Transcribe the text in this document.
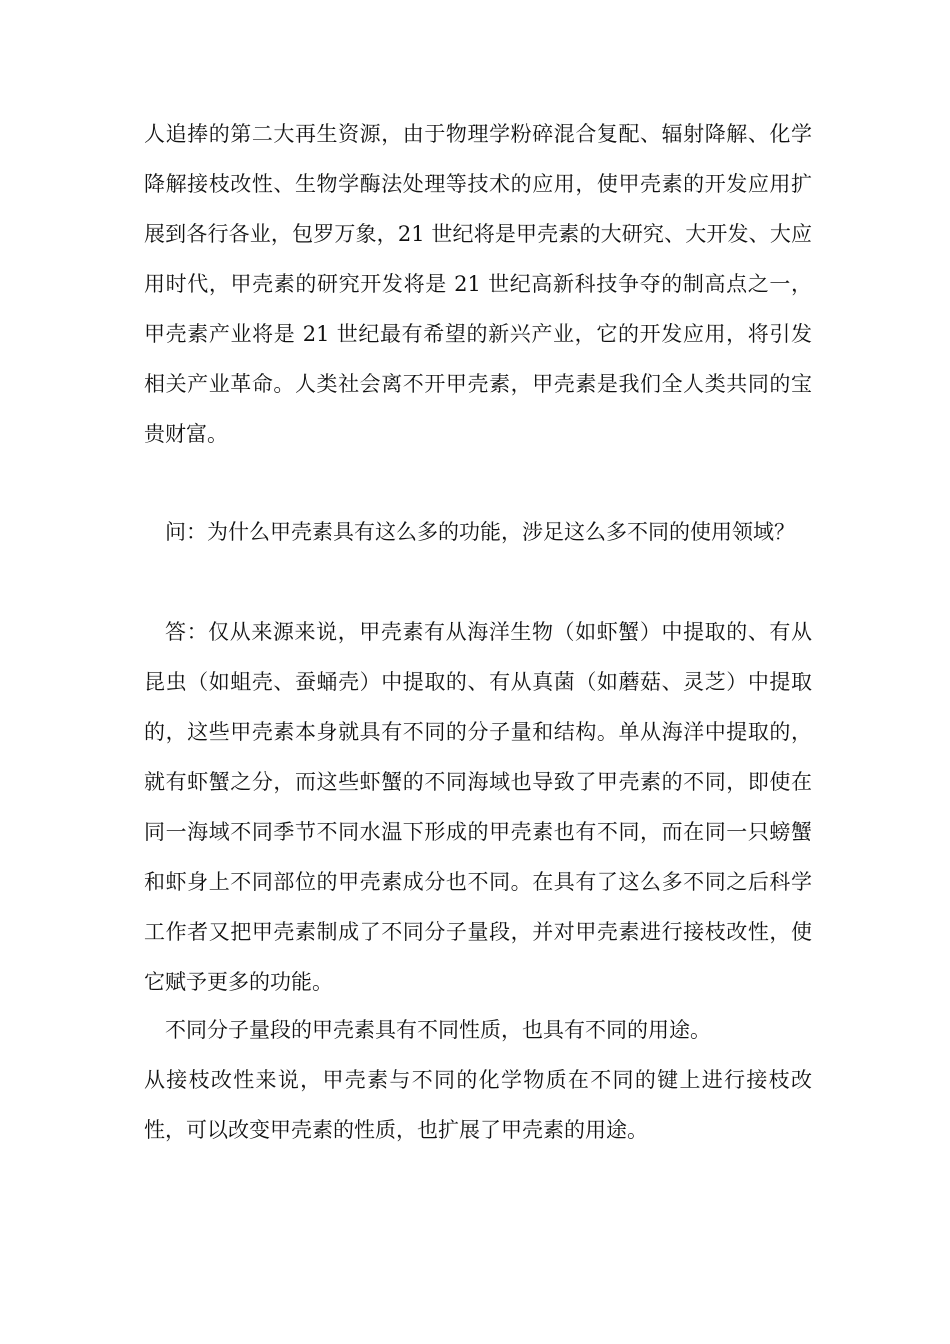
人追捧的第二大再生资源，由于物理学粉碎混合复配、辐射降解、化学降解接枝改性、生物学酶法处理等技术的应用，使甲壳素的开发应用扩展到各行各业，包罗万象，21 世纪将是甲壳素的大研究、大开发、大应用时代，甲壳素的研究开发将是 21 世纪高新科技争夺的制高点之一，甲壳素产业将是 21 世纪最有希望的新兴产业，它的开发应用，将引发相关产业革命。人类社会离不开甲壳素，甲壳素是我们全人类共同的宝贵财富。

问：为什么甲壳素具有这么多的功能，涉足这么多不同的使用领域？

答：仅从来源来说，甲壳素有从海洋生物（如虾蟹）中提取的、有从昆虫（如蛆壳、蚕蛹壳）中提取的、有从真菌（如蘑菇、灵芝）中提取的，这些甲壳素本身就具有不同的分子量和结构。单从海洋中提取的，就有虾蟹之分，而这些虾蟹的不同海域也导致了甲壳素的不同，即使在同一海域不同季节不同水温下形成的甲壳素也有不同，而在同一只螃蟹和虾身上不同部位的甲壳素成分也不同。在具有了这么多不同之后科学工作者又把甲壳素制成了不同分子量段，并对甲壳素进行接枝改性，使它赋予更多的功能。

不同分子量段的甲壳素具有不同性质，也具有不同的用途。

从接枝改性来说，甲壳素与不同的化学物质在不同的键上进行接枝改性，可以改变甲壳素的性质，也扩展了甲壳素的用途。
